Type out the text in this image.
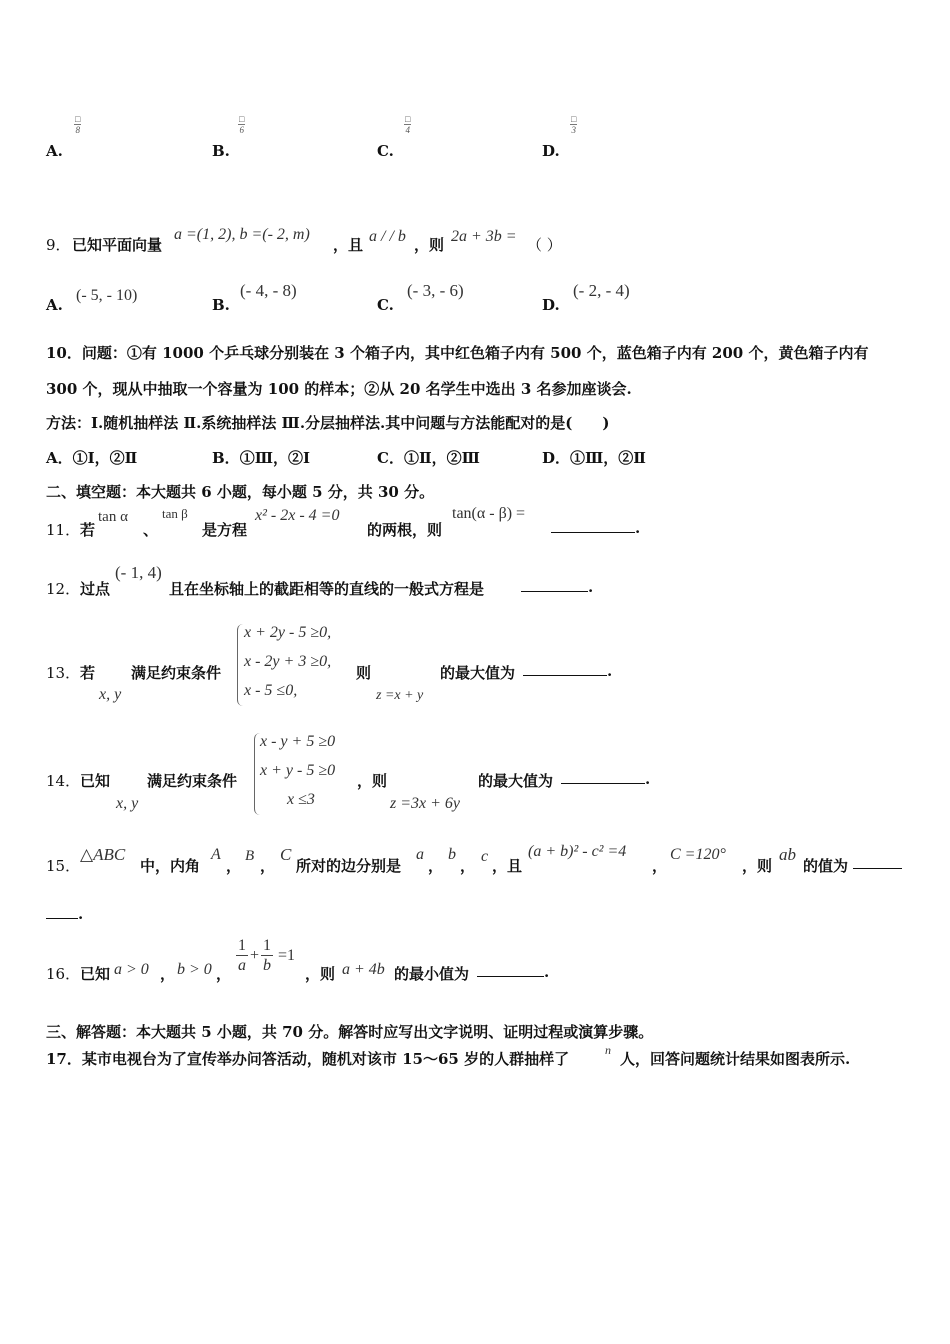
A.
$\frac{□}{8}$
B.
$\frac{□}{6}$
C.
$\frac{□}{4}$
D.
$\frac{□}{3}$
9． 已知平面向量
a =(1, 2), b =(- 2, m)
，且 a / / b ，则 2a + 3b = （ ）
A.
(- 5, - 10)
B.
(- 4, - 8)
C.
(- 3, - 6)
D.
(- 2, - 4)
10．问题：①有 1000 个乒乓球分别装在 3 个箱子内，其中红色箱子内有 500 个，蓝色箱子内有 200 个，黄色箱子内有
300 个，现从中抽取一个容量为 100 的样本；②从 20 名学生中选出 3 名参加座谈会.
方法：Ⅰ.随机抽样法 Ⅱ.系统抽样法 Ⅲ.分层抽样法.其中问题与方法能配对的是(　　)
A．①Ⅰ，②Ⅱ	B．①Ⅲ，②Ⅰ	C．①Ⅱ，②Ⅲ	D．①Ⅲ，②Ⅱ
二、填空题：本大题共 6 小题，每小题 5 分，共 30 分。
11． 若
tan α
、
tan β
是方程
x² - 2x - 4 =0
的两根，则
tan(α - β) =
.
12． 过点
(- 1, 4)
且在坐标轴上的截距相等的直线的一般式方程是	.
13． 若
x, y
满足约束条件
x + 2y - 5 ≥0,
x - 2y + 3 ≥0,
x - 5 ≤0,
则
z =x + y
的最大值为	.
14． 已知
x, y
满足约束条件
x - y + 5 ≥0
x + y - 5 ≥0
x ≤3
，则
z =3x + 6y
的最大值为	.
15．
△ABC
中，内角
A
，
B
，
C
所对的边分别是
a
，
b
，
c
，且
(a + b)² - c² =4
，
C =120°
，则
ab
的值为
.
16． 已知 a > 0 ， b > 0 ，
1
a
+ $\frac{1}{b} =1$
，则 a + 4b 的最小值为	.
三、解答题：本大题共 5 小题，共 70 分。解答时应写出文字说明、证明过程或演算步骤。
17．某市电视台为了宣传举办问答活动，随机对该市 15～65 岁的人群抽样了	n 人，回答问题统计结果如图表所示.
